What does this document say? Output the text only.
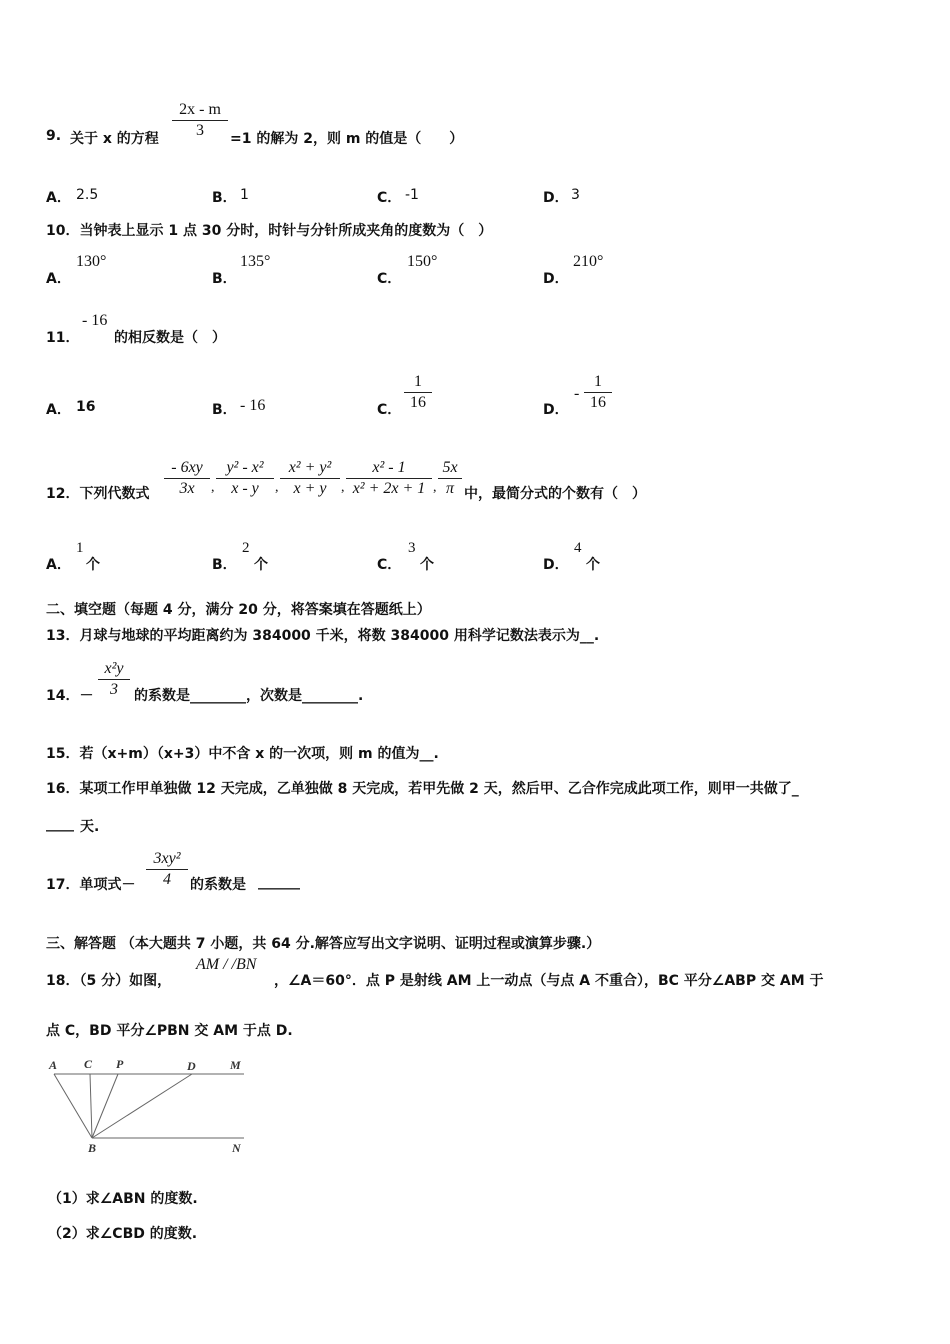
9. 关于 x 的方程 $\frac{2x - m}{3} =1$ 的解为 2，则 m 的值是（　　）
A． 2.5	B． 1	C． -1	D． 3
10．当钟表上显示 1 点 30 分时，时针与分针所成夹角的度数为（　）
A．
130°
B．
135°
C．
150°
D．
210°
11．
- 16
的相反数是（　）
A． 16	B． - 16	C． $\frac{1}{16}$	D．
- $\frac{1}{16}$
12．下列代数式 $\frac{- 6xy}{3x}$ , $\frac{\text{y² - x²}}{x - y}$ , $\frac{\text{x² + y²}}{x + y}$ , $\frac{\text{x² - 1}}{\text{x² + 2x + 1}}$ , $\frac{5x}{\pi}$ 中，最简分式的个数有（　）
A．
1
个	B．
2
个	C．
3
个	D．
4
个
二、填空题（每题 4 分，满分 20 分，将答案填在答题纸上）
13．月球与地球的平均距离约为 384000 千米，将数 384000 用科学记数法表示为__.
14．－ $\frac{\text{x²y}}{3}$ 的系数是________，次数是________.
15．若（x+m）（x+3）中不含 x 的一次项，则 m 的值为__.
16．某项工作甲单独做 12 天完成，乙单独做 8 天完成，若甲先做 2 天，然后甲、乙合作完成此项工作，则甲一共做了_
____ 天.
17．单项式－ $\frac{\text{3xy²}}{4}$ 的系数是 ______
三、解答题 （本大题共 7 小题，共 64 分.解答应写出文字说明、证明过程或演算步骤.）
18．（5 分）如图，
AM / /BN
，∠A＝60°．点 P 是射线 AM 上一动点（与点 A 不重合），BC 平分∠ABP 交 AM 于
点 C，BD 平分∠PBN 交 AM 于点 D.
A C P	D	M
B	N
（1）求∠ABN 的度数.
（2）求∠CBD 的度数.
